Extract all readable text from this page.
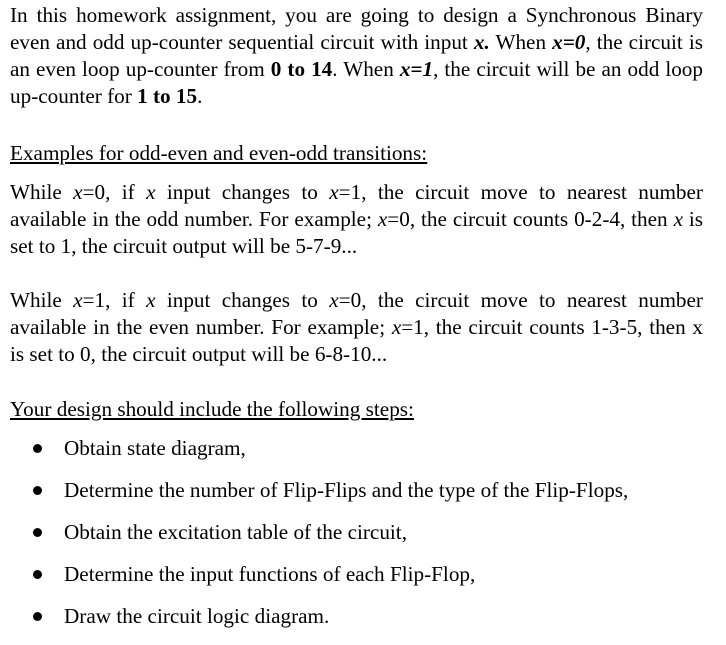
In this homework assignment, you are going to design a Synchronous Binary even and odd up-counter sequential circuit with input x. When x=0, the circuit is an even loop up-counter from 0 to 14. When x=1, the circuit will be an odd loop up-counter for 1 to 15.

Examples for odd-even and even-odd transitions:

While x=0, if x input changes to x=1, the circuit move to nearest number available in the odd number. For example; x=0, the circuit counts 0-2-4, then x is set to 1, the circuit output will be 5-7-9...

While x=1, if x input changes to x=0, the circuit move to nearest number available in the even number. For example; x=1, the circuit counts 1-3-5, then x is set to 0, the circuit output will be 6-8-10...

Your design should include the following steps:
Obtain state diagram,
Determine the number of Flip-Flips and the type of the Flip-Flops,
Obtain the excitation table of the circuit,
Determine the input functions of each Flip-Flop,
Draw the circuit logic diagram.
